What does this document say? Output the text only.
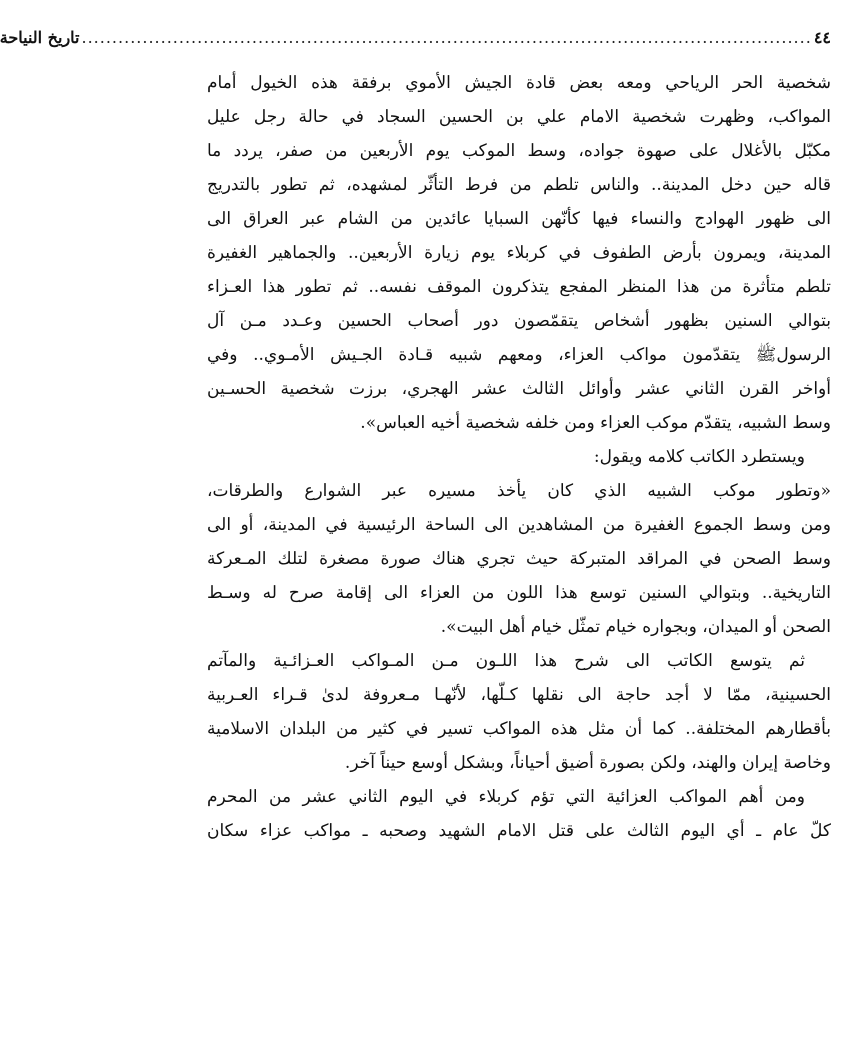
٤٤
........................................................................................................................
تاريخ النياحة
شخصية الحر الرياحي ومعه بعض قادة الجيش الأموي برفقة هذه الخيول أمام
المواكب، وظهرت شخصية الامام علي بن الحسين السجاد في حالة رجل عليل
مكبّل بالأغلال على صهوة جواده، وسط الموكب يوم الأربعين من صفر، يردد ما
قاله حين دخل المدينة.. والناس تلطم من فرط التأثّر لمشهده، ثم تطور بالتدريج
الى ظهور الهوادج والنساء فيها كأنّهن السبايا عائدين من الشام عبر العراق الى
المدينة، ويمرون بأرض الطفوف في كربلاء يوم زيارة الأربعين.. والجماهير الغفيرة
تلطم متأثرة من هذا المنظر المفجع يتذكرون الموقف نفسه.. ثم تطور هذا العـزاء
بتوالي السنين بظهور أشخاص يتقمّصون دور أصحاب الحسين وعـدد مـن آل
الرسولﷺ يتقدّمون مواكب العزاء، ومعهم شبيه قـادة الجـيش الأمـوي.. وفي
أواخر القرن الثاني عشر وأوائل الثالث عشر الهجري، برزت شخصية الحسـين
وسط الشبيه، يتقدّم موكب العزاء ومن خلفه شخصية أخيه العباس».
ويستطرد الكاتب كلامه ويقول:
«وتطور موكب الشبيه الذي كان يأخذ مسيره عبر الشوارع والطرقات،
ومن وسط الجموع الغفيرة من المشاهدين الى الساحة الرئيسية في المدينة، أو الى
وسط الصحن في المراقد المتبركة حيث تجري هناك صورة مصغرة لتلك المـعركة
التاريخية.. وبتوالي السنين توسع هذا اللون من العزاء الى إقامة صرح له وسـط
الصحن أو الميدان، وبجواره خيام تمثّل خيام أهل البيت».
ثم يتوسع الكاتب الى شرح هذا اللـون مـن المـواكب العـزائـية والمآتم
الحسينية، ممّا لا أجد حاجة الى نقلها كـلّها، لأنّهـا مـعروفة لدىٰ قـراء العـربية
بأقطارهم المختلفة.. كما أن مثل هذه المواكب تسير في كثير من البلدان الاسلامية
وخاصة إيران والهند، ولكن بصورة أضيق أحياناً، وبشكل أوسع حيناً آخر.
ومن أهم المواكب العزائية التي تؤم كربلاء في اليوم الثاني عشر من المحرم
كلّ عام ـ أي اليوم الثالث على قتل الامام الشهيد وصحبه ـ مواكب عزاء سكان
